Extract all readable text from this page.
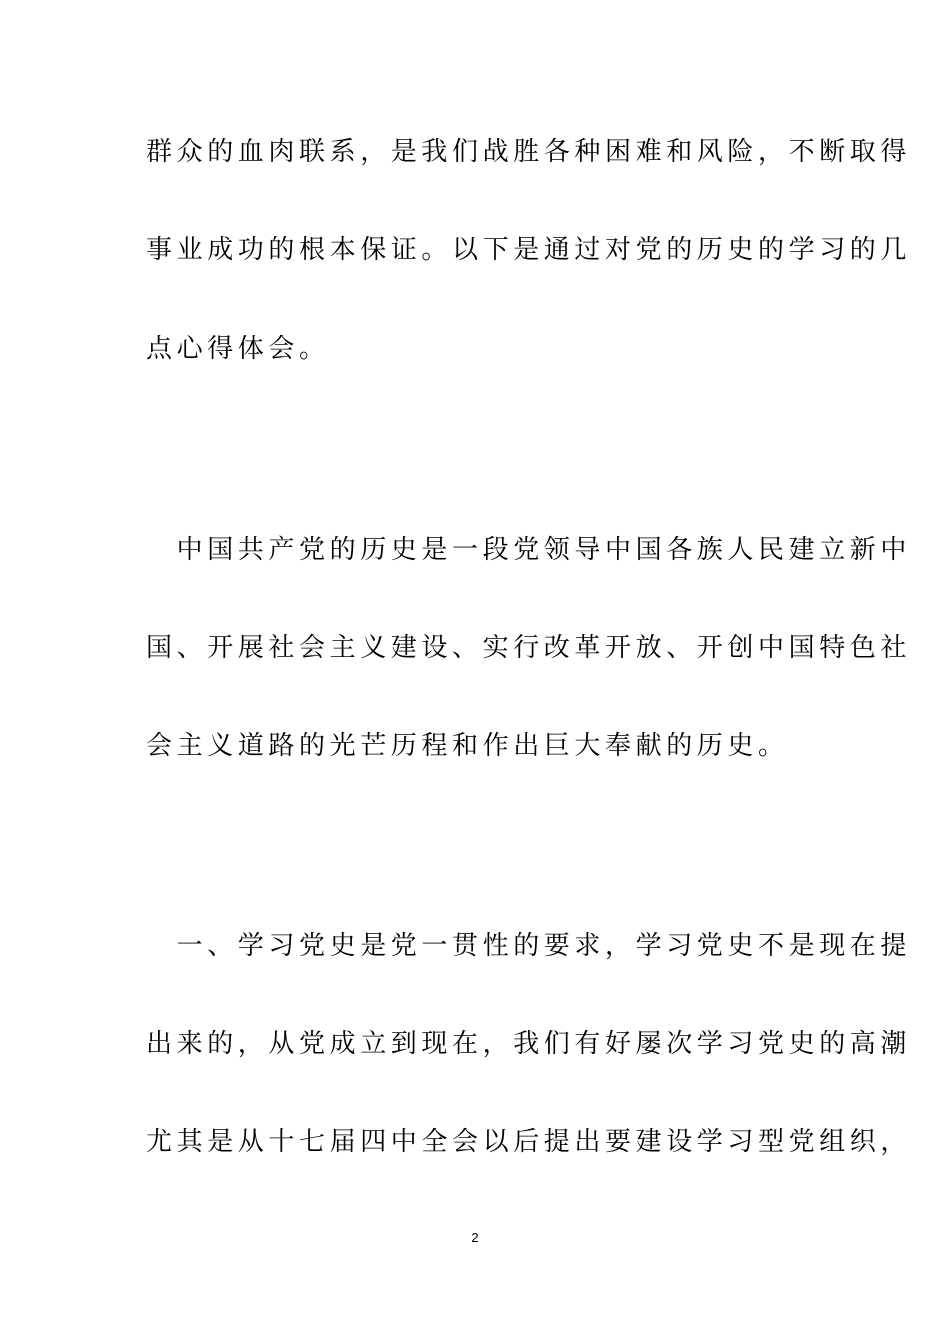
群众的血肉联系，是我们战胜各种困难和风险，不断取得
事业成功的根本保证。以下是通过对党的历史的学习的几
点心得体会。
　中国共产党的历史是一段党领导中国各族人民建立新中
国、开展社会主义建设、实行改革开放、开创中国特色社
会主义道路的光芒历程和作出巨大奉献的历史。
　一、学习党史是党一贯性的要求，学习党史不是现在提
出来的，从党成立到现在，我们有好屡次学习党史的高潮
尤其是从十七届四中全会以后提出要建设学习型党组织，
2
